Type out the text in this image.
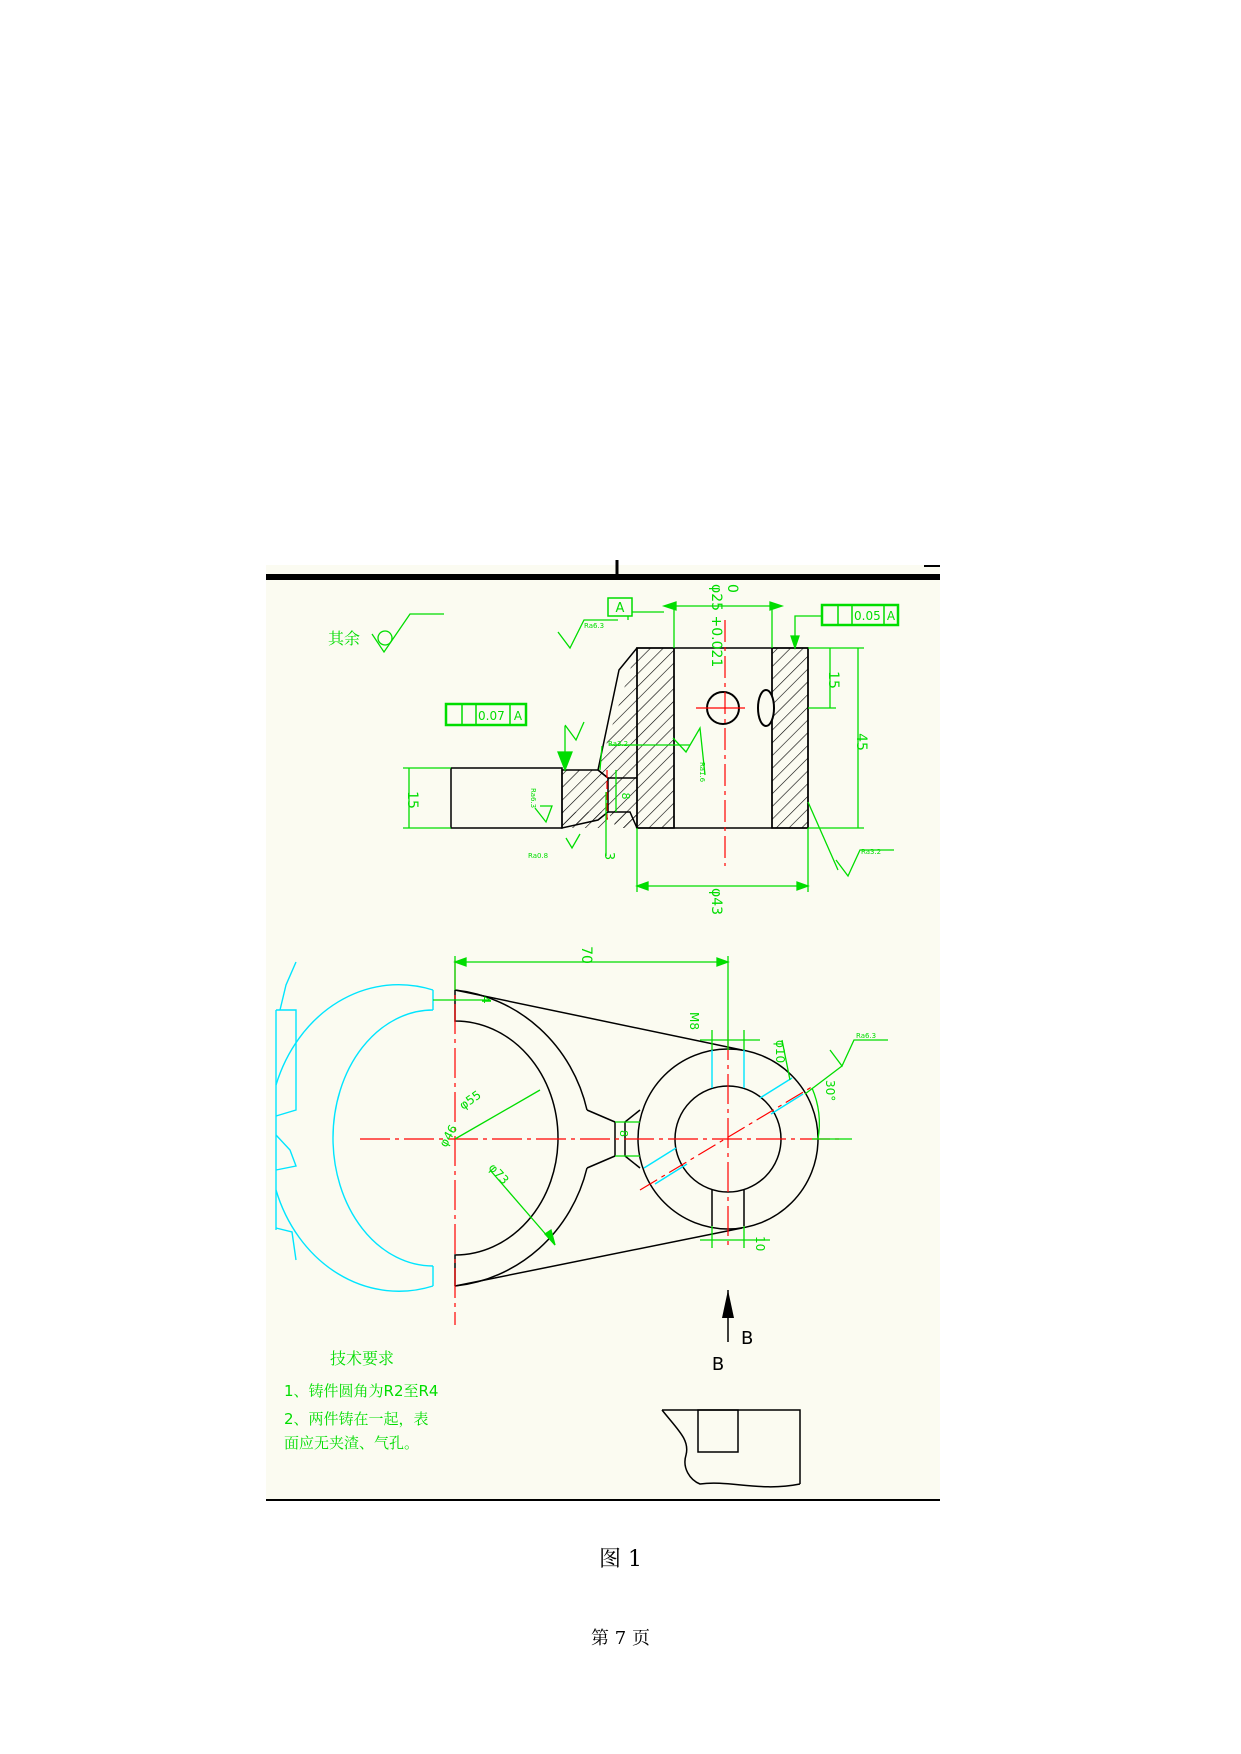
其余
Ra6.3
Ra3.2
Ra0.8	Ra3.2
Ra6.3
Ra1.6
φ25 +0.021 0
15
45
15
3
8
φ43
A	0.05 A
0.07 A
70
4
M8
φ10
30°
φ55
φ46
φ73
8
10
Ra6.3
B
B
技术要求
1、铸件圆角为R2至R4
2、两件铸在一起，表
面应无夹渣、气孔。
图 1
第 7 页
